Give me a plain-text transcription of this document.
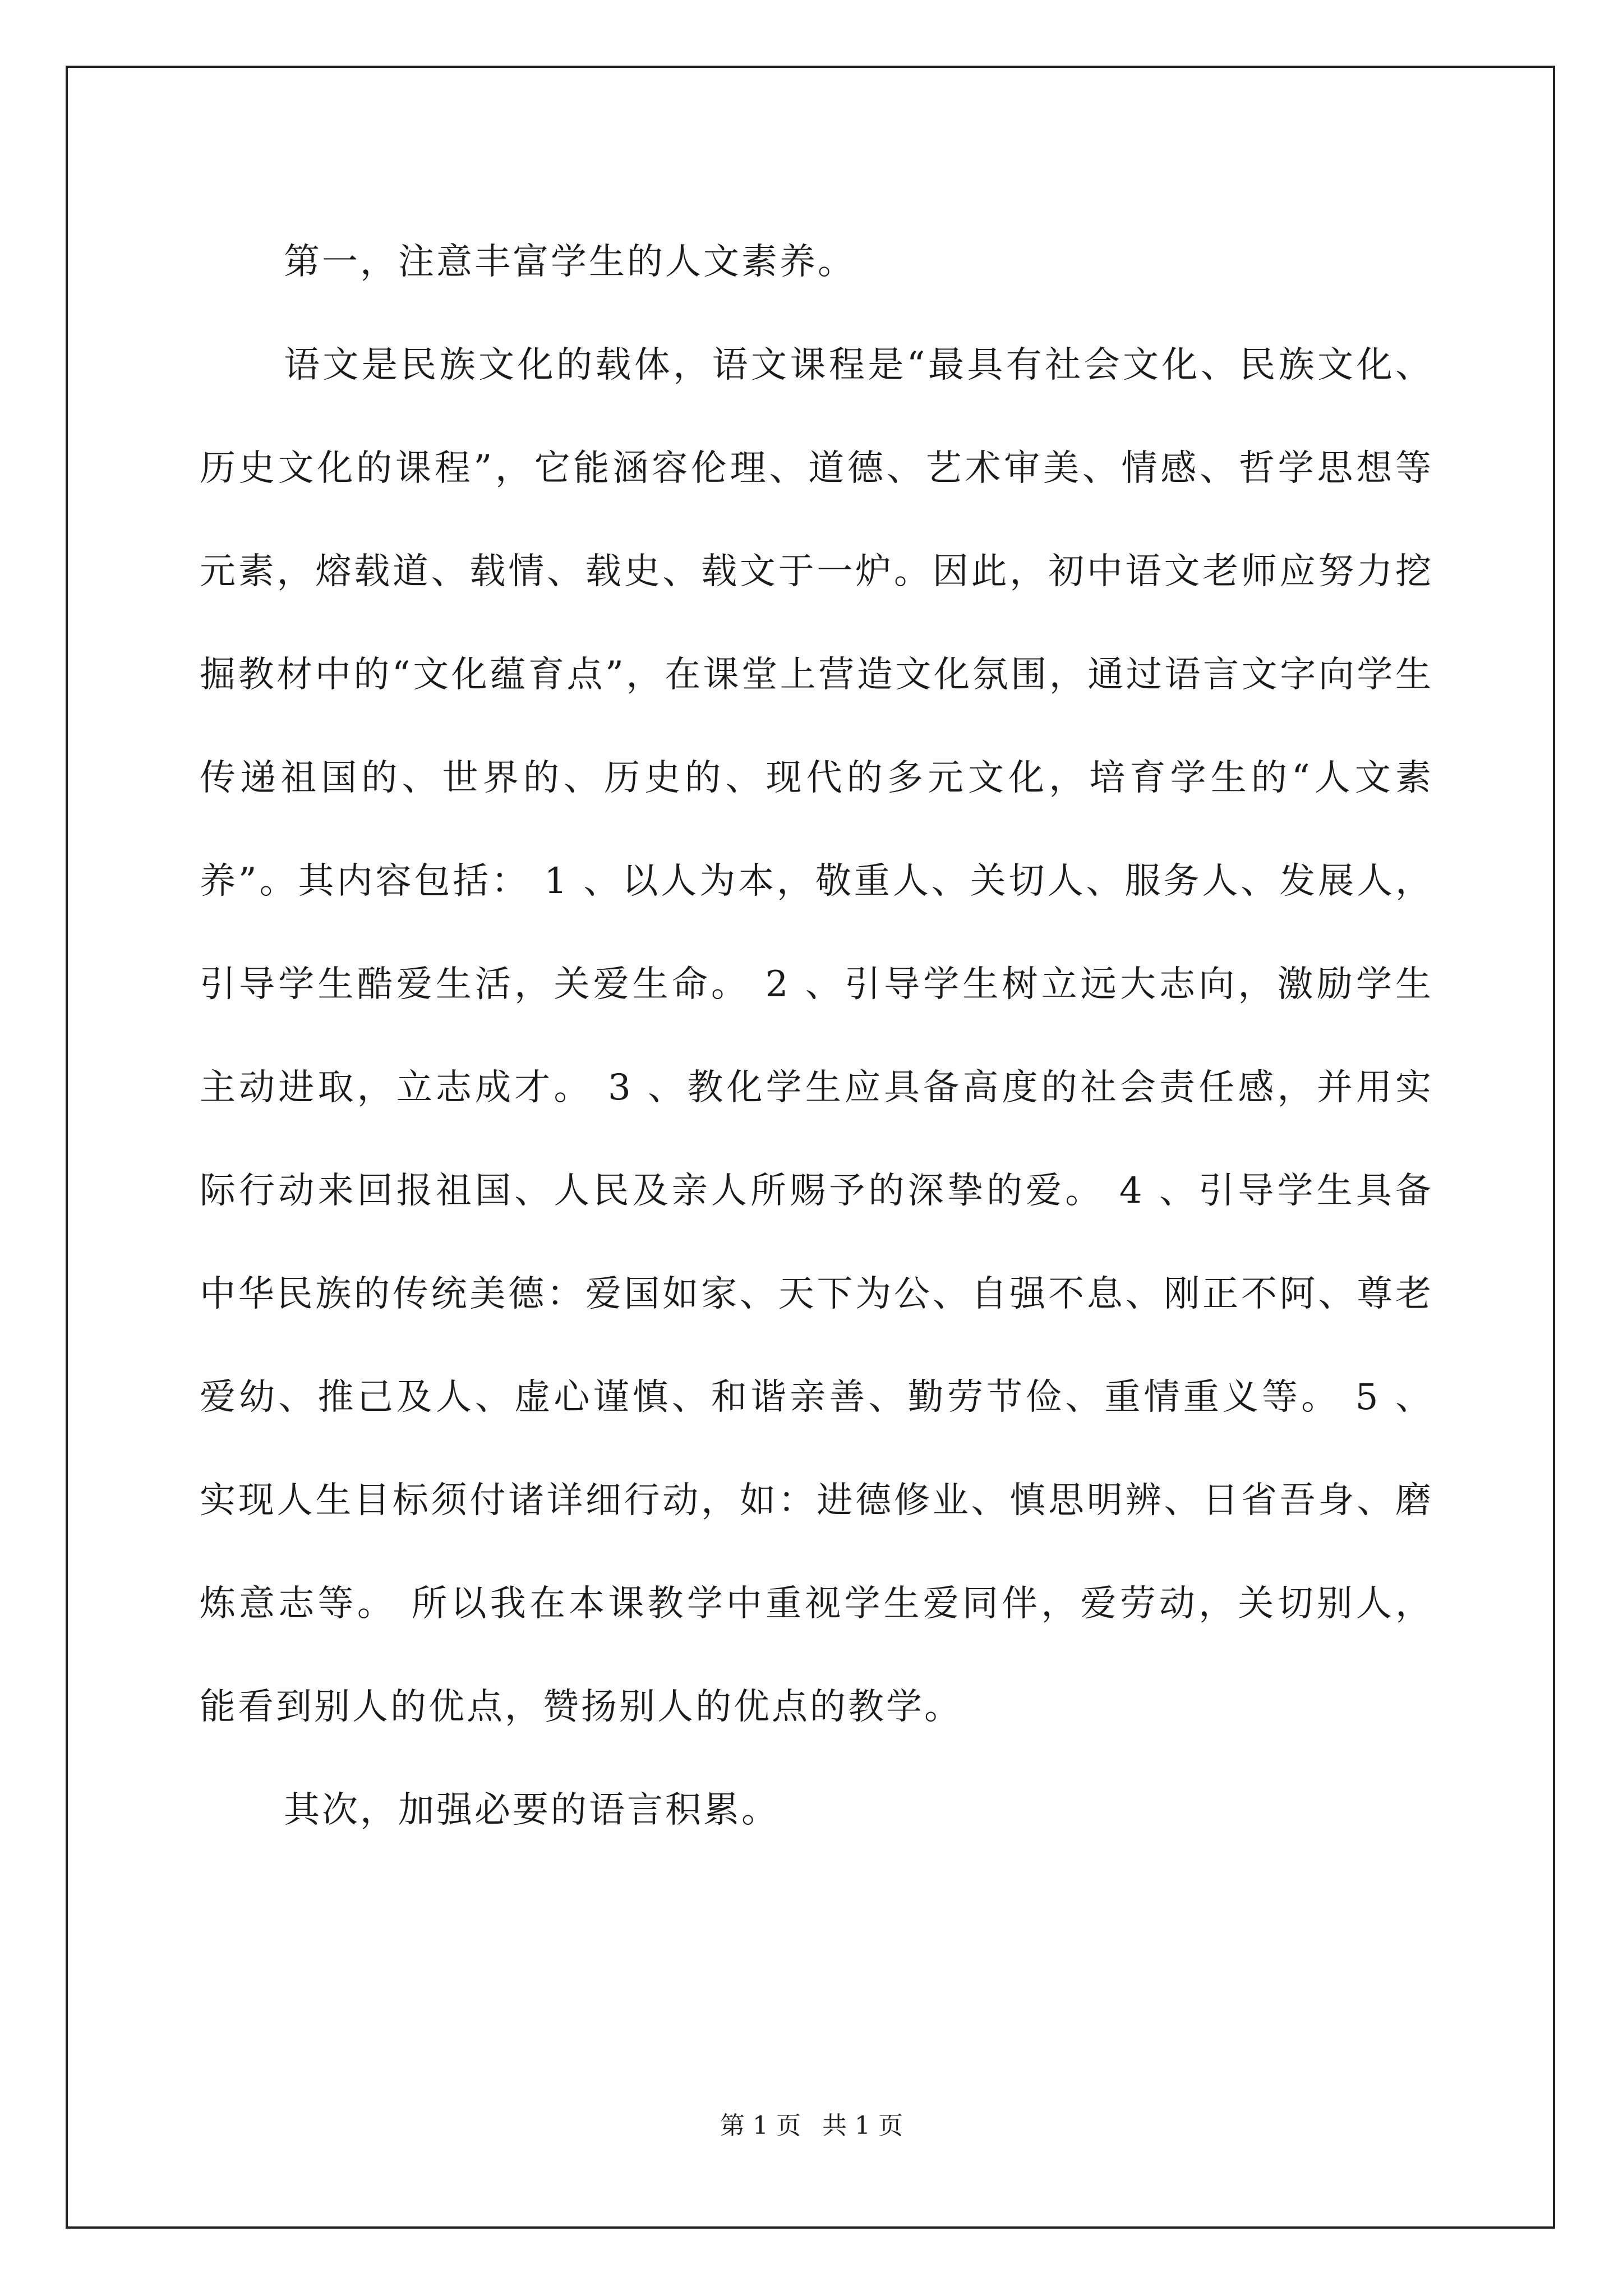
第一，注意丰富学生的人文素养。

语文是民族文化的载体，语文课程是“最具有社会文化、民族文化、历史文化的课程”，它能涵容伦理、道德、艺术审美、情感、哲学思想等元素，熔载道、载情、载史、载文于一炉。因此，初中语文老师应努力挖掘教材中的“文化蕴育点”，在课堂上营造文化氛围，通过语言文字向学生传递祖国的、世界的、历史的、现代的多元文化，培育学生的“人文素养”。其内容包括： 1 、以人为本，敬重人、关切人、服务人、发展人，引导学生酷爱生活，关爱生命。 2 、引导学生树立远大志向，激励学生主动进取，立志成才。 3 、教化学生应具备高度的社会责任感，并用实际行动来回报祖国、人民及亲人所赐予的深挚的爱。 4 、引导学生具备中华民族的传统美德：爱国如家、天下为公、自强不息、刚正不阿、尊老爱幼、推己及人、虚心谨慎、和谐亲善、勤劳节俭、重情重义等。 5 、实现人生目标须付诸详细行动，如：进德修业、慎思明辨、日省吾身、磨炼意志等。 所以我在本课教学中重视学生爱同伴，爱劳动，关切别人，能看到别人的优点，赞扬别人的优点的教学。

其次，加强必要的语言积累。

第 1 页 共 1 页
